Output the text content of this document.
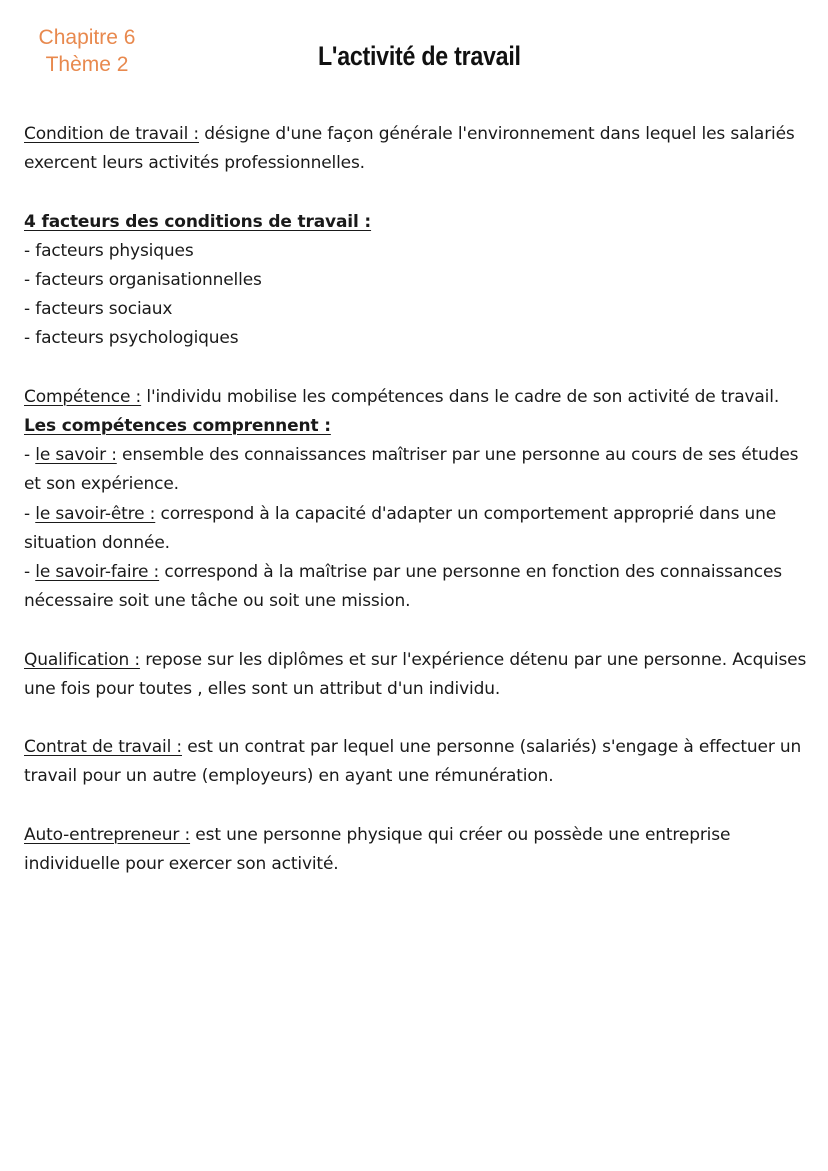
Chapitre 6
Thème 2	L'activité de travail

Condition de travail : désigne d'une façon générale l'environnement dans lequel les salariés exercent leurs activités professionnelles.

4 facteurs des conditions de travail :

- facteurs physiques

- facteurs organisationnelles

- facteurs sociaux

- facteurs psychologiques

Compétence : l'individu mobilise les compétences dans le cadre de son activité de travail.

Les compétences comprennent :

- le savoir : ensemble des connaissances maîtriser par une personne au cours de ses études et son expérience.

- le savoir-être : correspond à la capacité d'adapter un comportement approprié dans une situation donnée.

- le savoir-faire : correspond à la maîtrise par une personne en fonction des connaissances nécessaire soit une tâche ou soit une mission.

Qualification : repose sur les diplômes et sur l'expérience détenu par une personne. Acquises une fois pour toutes , elles sont un attribut d'un individu.

Contrat de travail : est un contrat par lequel une personne (salariés) s'engage à effectuer un travail pour un autre (employeurs) en ayant une rémunération.

Auto-entrepreneur : est une personne physique qui créer ou possède une entreprise individuelle pour exercer son activité.
